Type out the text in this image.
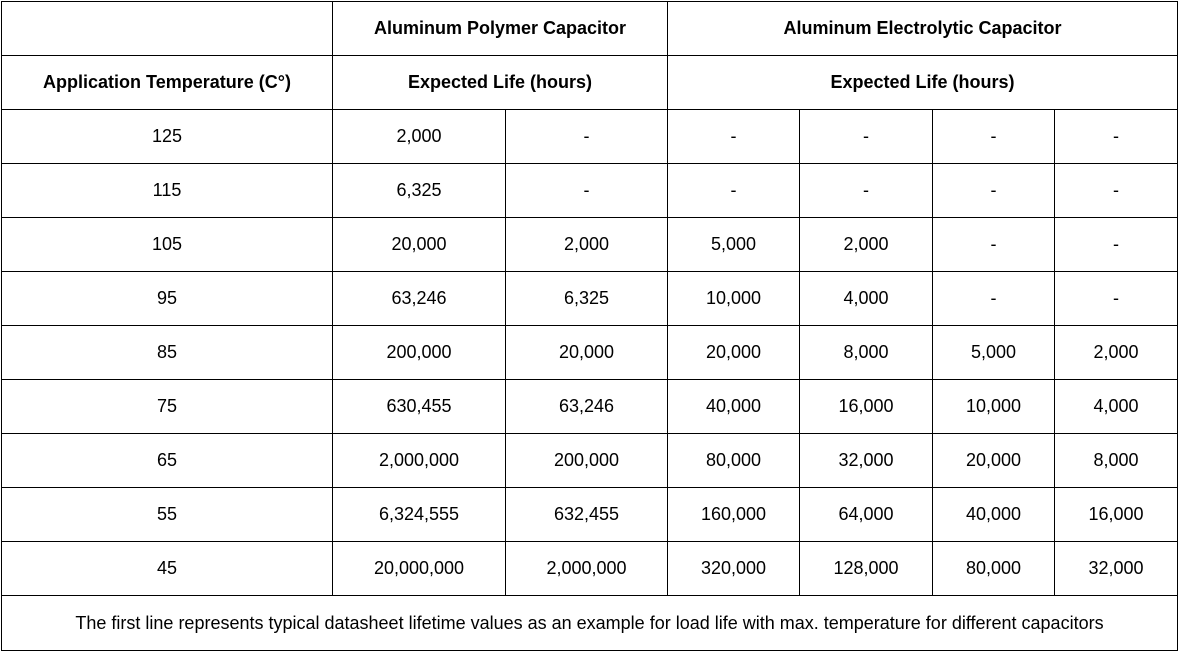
	Aluminum Polymer Capacitor		Aluminum Electrolytic Capacitor			
Application Temperature (C°)	Expected Life (hours)		Expected Life (hours)			
125	2,000	-	-	-	-	-
115	6,325	-	-	-	-	-
105	20,000	2,000	5,000	2,000	-	-
95	63,246	6,325	10,000	4,000	-	-
85	200,000	20,000	20,000	8,000	5,000	2,000
75	630,455	63,246	40,000	16,000	10,000	4,000
65	2,000,000	200,000	80,000	32,000	20,000	8,000
55	6,324,555	632,455	160,000	64,000	40,000	16,000
45	20,000,000	2,000,000	320,000	128,000	80,000	32,000
The first line represents typical datasheet lifetime values as an example for load life with max. temperature for different capacitors						
